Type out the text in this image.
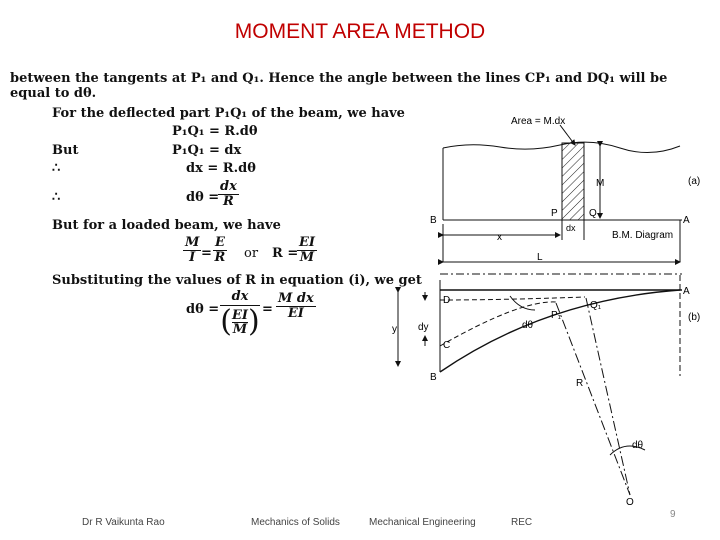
MOMENT AREA METHOD
between the tangents at P₁ and Q₁. Hence the angle between the lines CP₁ and DQ₁ will be
equal to dθ.
For the deflected part P₁Q₁ of the beam, we have
P₁Q₁ = R.dθ
But	P₁Q₁ = dx
∴	dx = R.dθ
∴	dθ =
$\frac{dx}{R}$
But for a loaded beam, we have
$\frac{M}{I} = \frac{E}{R}$ or R =
$\frac{EI}{M}$
Substituting the values of R in equation (i), we get
dθ =
dx
( $\frac{EI}{M}$ ) = $\frac{\text{M dx}}{EI}$
Area = M.dx
M	(a)
B
P	Q
A
dx
x	B.M. Diagram
L
D
A
Q₁
P₁	(b)
dθ
y dy
C
B
R
dθ
O
Dr R Vaikunta Rao	Mechanics of Solids	Mechanical Engineering	REC
9
